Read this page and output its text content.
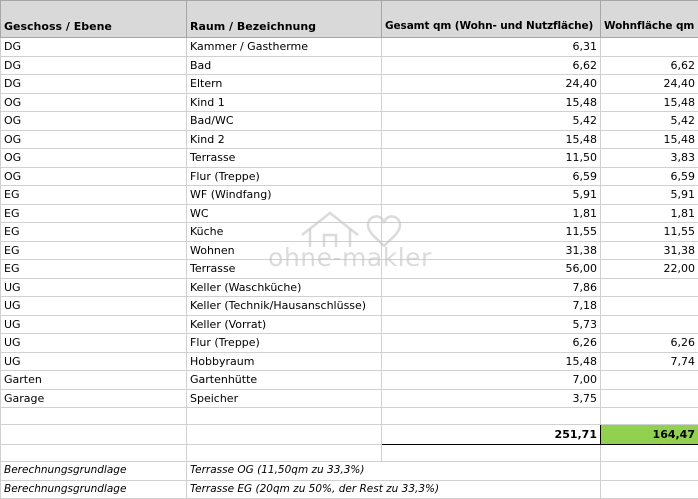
Geschoss / Ebene	Raum / Bezeichnung	Gesamt qm (Wohn- und Nutzfläche)	Wohnfläche qm
DG	Kammer / Gastherme	6,31	
DG	Bad	6,62	6,62
DG	Eltern	24,40	24,40
OG	Kind 1	15,48	15,48
OG	Bad/WC	5,42	5,42
OG	Kind 2	15,48	15,48
OG	Terrasse	11,50	3,83
OG	Flur (Treppe)	6,59	6,59
EG	WF (Windfang)	5,91	5,91
EG	WC	1,81	1,81
EG	Küche	11,55	11,55
EG	Wohnen	31,38	31,38
EG	Terrasse	56,00	22,00
UG	Keller (Waschküche)	7,86	
UG	Keller (Technik/Hausanschlüsse)	7,18	
UG	Keller (Vorrat)	5,73	
UG	Flur (Treppe)	6,26	6,26
UG	Hobbyraum	15,48	7,74
Garten	Gartenhütte	7,00	
Garage	Speicher	3,75	

		251,71	164,47

Berechnungsgrundlage	Terrasse OG (11,50qm zu 33,3%)		
Berechnungsgrundlage	Terrasse EG (20qm zu 50%, der Rest zu 33,3%)		
ohne-makler
